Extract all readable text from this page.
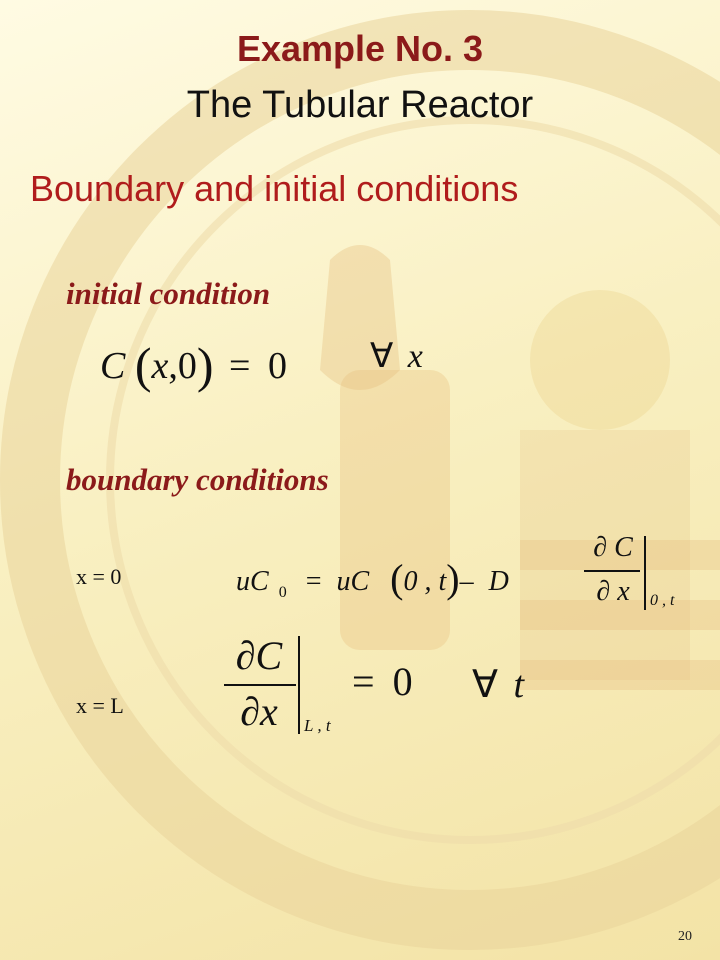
Example No. 3
The Tubular Reactor
Boundary and initial conditions
initial condition
C (x,0) = 0 ∀ x
boundary conditions
x = 0	uC $_0$ = uC (0 , t)– D
∂ C
∂ x	0 , t
x = L
∂C
∂x	L , t
= 0 ∀ t
20
